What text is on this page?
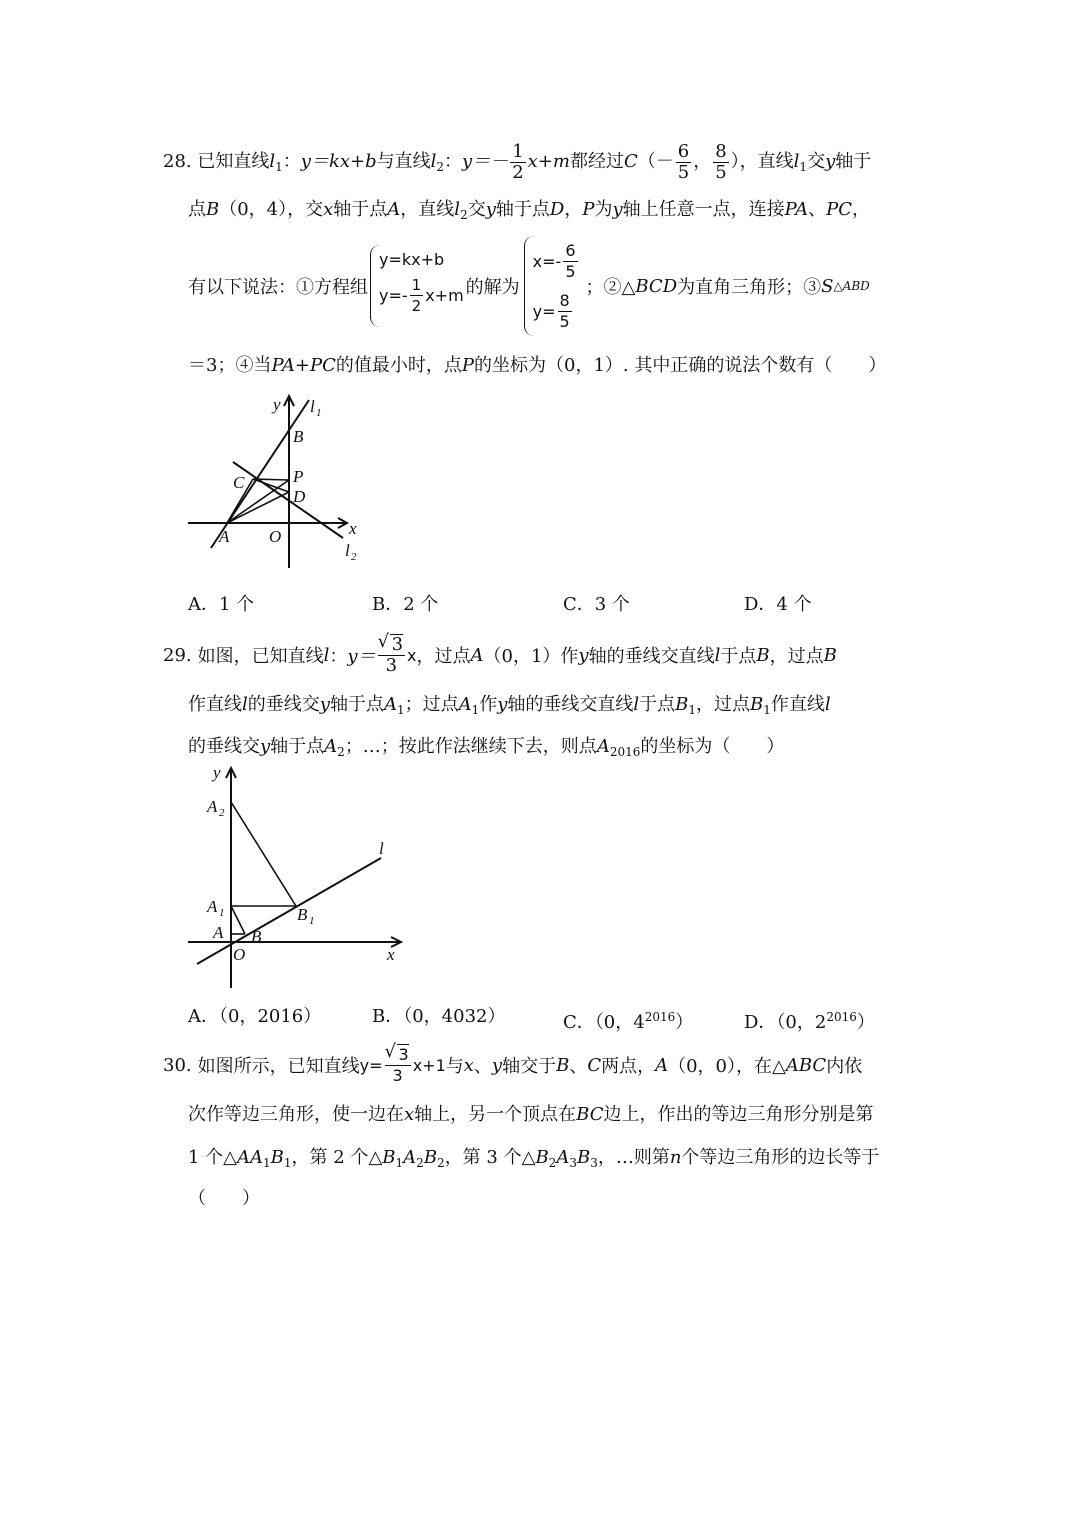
28. 已知直线$l_1$：y＝kx+b与直线$l_2$：$y=- \frac{1}{2} x+m$都经过$C(- \frac{6}{5}$ ， $\frac{8}{5}$ ），直线$l_1$交y轴于
点B（0，4），交x轴于点A，直线$l_2$交y轴于点D，P为y轴上任意一点，连接PA、PC，
有以下说法：①方程组
y=kx+b
$y=- \frac{1}{2} x+m$ 的解为
$x=- \frac{6}{5}$
$y= \frac{8}{5}$
；②△ BCD 为直角三角形；③ S △ABD
＝3；④当PA+PC的值最小时，点P的坐标为（0，1）. 其中正确的说法个数有（　　）
y l 1
B
C	P
D
x
A O
l 2
A．1 个	B．2 个	C．3 个	D．4 个
29. 如图，已知直线 l ： y＝ √ $\frac{3}{3}$ x ，过点 A （0，1）作 y 轴的垂线交直线 l 于点 B ，过点 B
作直线l的垂线交y轴于点$A_1$；过点$A_1$作y轴的垂线交直线l于点$B_1$，过点$B_1$作直线l
的垂线交y轴于点$A_2$；…；按此作法继续下去，则点$A_{2016}$的坐标为（　　）
y
A 2
l
A 1	B 1
A B
O	x
A．（0，2016）	B．（0，4032）	C．（0，$4^{2016}$）	D．（0，$2^{2016}$）
30. 如图所示，已知直线 y= √ $\frac{3}{3} x+1$ 与 x 、 y 轴交于 B 、 C 两点， A （0，0），在△ ABC 内依
次作等边三角形，使一边在x轴上，另一个顶点在BC边上，作出的等边三角形分别是第
1 个$\triangle AA_1B_1$，第 2 个$\triangle B_1A_2B_2$，第 3 个$\triangle B_2A_3B_3$，…则第n个等边三角形的边长等于
（　　）
